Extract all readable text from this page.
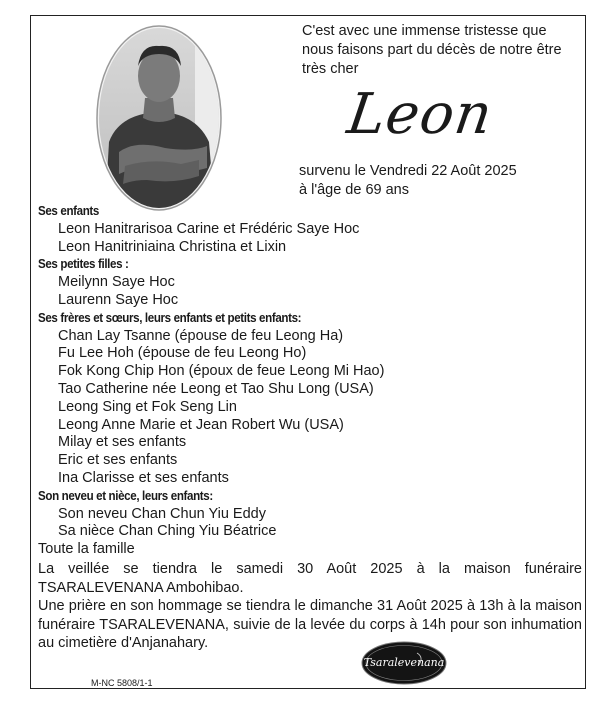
C'est avec une immense tristesse que
nous faisons part du décès de notre être
très cher
Leon
survenu le Vendredi 22 Août 2025
à l'âge de 69 ans
Ses enfants
Leon Hanitrarisoa Carine et Frédéric Saye Hoc
Leon Hanitriniaina Christina et Lixin
Ses petites filles :
Meilynn Saye Hoc
Laurenn Saye Hoc
Ses frères et sœurs, leurs enfants et petits enfants:
Chan Lay Tsanne (épouse de feu Leong Ha)
Fu Lee Hoh (épouse de feu Leong Ho)
Fok Kong Chip Hon (époux de feue Leong Mi Hao)
Tao Catherine née Leong et Tao Shu Long (USA)
Leong Sing et Fok Seng Lin
Leong Anne Marie et Jean Robert Wu (USA)
Milay et ses enfants
Eric et ses enfants
Ina Clarisse et ses enfants
Son neveu et nièce, leurs enfants:
Son neveu Chan Chun Yiu Eddy
Sa nièce Chan Ching Yiu Béatrice
Toute la famille
La veillée se tiendra le samedi 30 Août 2025 à la maison funéraire TSARALEVENANA Ambohibao.
Une prière en son hommage se tiendra le dimanche 31 Août 2025 à 13h à la maison funéraire TSARALEVENANA, suivie de la levée du corps à 14h pour son inhumation au cimetière d'Anjanahary.
Tsaralevenana
M-NC 5808/1-1
